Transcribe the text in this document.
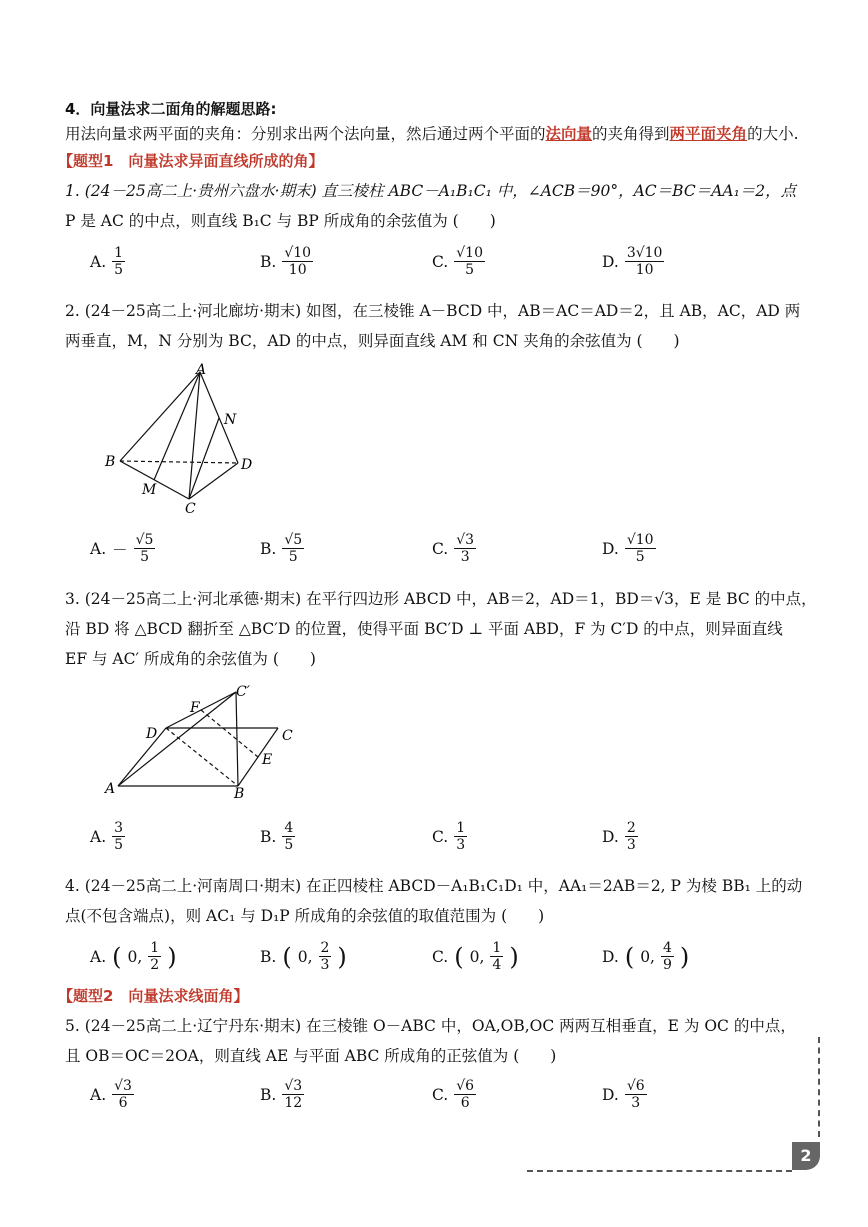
4．向量法求二面角的解题思路:
用法向量求两平面的夹角：分别求出两个法向量，然后通过两个平面的法向量的夹角得到两平面夹角的大小.
【题型1　向量法求异面直线所成的角】
1. (24－25高二上·贵州六盘水·期末) 直三棱柱 ABC－A₁B₁C₁ 中，∠ACB＝90°，AC＝BC＝AA₁＝2，点
P 是 AC 的中点，则直线 B₁C 与 BP 所成角的余弦值为 (　　)
A. $\frac{1}{5}$	B. $\frac{√10}{10}$	C. $\frac{√10}{5}$	D. $\frac{3√10}{10}$
2. (24－25高二上·河北廊坊·期末) 如图，在三棱锥 A－BCD 中，AB＝AC＝AD＝2，且 AB，AC，AD 两
两垂直，M，N 分别为 BC，AD 的中点，则异面直线 AM 和 CN 夹角的余弦值为 (　　)
A
B
C
D
M
N
A. － $\frac{√5}{5}$	B. $\frac{√5}{5}$	C. $\frac{√3}{3}$	D. $\frac{√10}{5}$
3. (24－25高二上·河北承德·期末) 在平行四边形 ABCD 中，AB＝2，AD＝1，BD＝√3，E 是 BC 的中点，
沿 BD 将 △BCD 翻折至 △BC′D 的位置，使得平面 BC′D ⊥ 平面 ABD，F 为 C′D 的中点，则异面直线
EF 与 AC′ 所成角的余弦值为 (　　)
A	B
C
D
E
F
C′
A. $\frac{3}{5}$	B. $\frac{4}{5}$	C. $\frac{1}{3}$	D. $\frac{2}{3}$
4. (24－25高二上·河南周口·期末) 在正四棱柱 ABCD－A₁B₁C₁D₁ 中，AA₁＝2AB＝2, P 为棱 BB₁ 上的动
点(不包含端点)，则 AC₁ 与 D₁P 所成角的余弦值的取值范围为 (　　)
A. ( 0, $\frac{1}{2}$ )	B. ( 0, $\frac{2}{3}$ )	C. ( 0, $\frac{1}{4}$ )	D. ( 0, $\frac{4}{9}$ )
【题型2　向量法求线面角】
5. (24－25高二上·辽宁丹东·期末) 在三棱锥 O－ABC 中，OA,OB,OC 两两互相垂直，E 为 OC 的中点，
且 OB＝OC＝2OA，则直线 AE 与平面 ABC 所成角的正弦值为 (　　)
A. $\frac{√3}{6}$	B. $\frac{√3}{12}$	C. $\frac{√6}{6}$	D. $\frac{√6}{3}$
2
